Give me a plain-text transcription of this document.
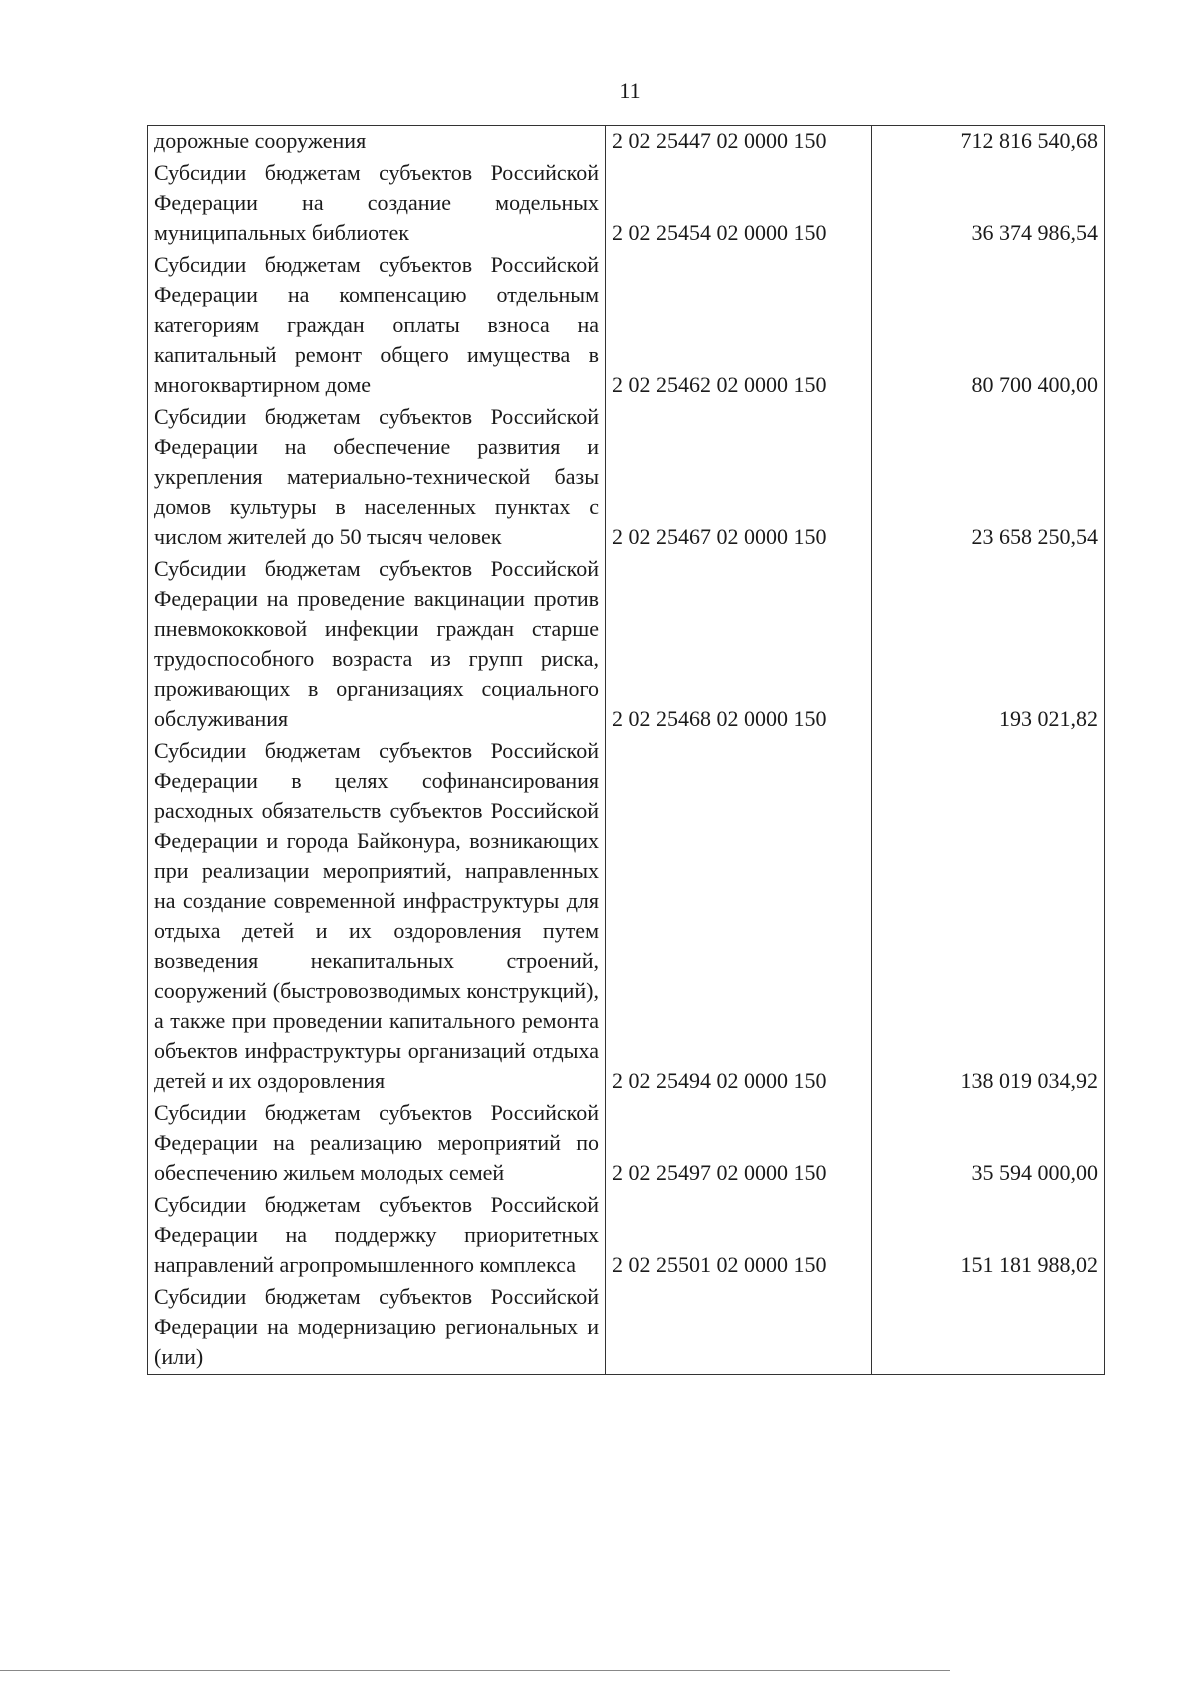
11
дорожные сооружения	2 02 25447 02 0000 150	712 816 540,68
Субсидии бюджетам субъектов Российской Федерации на создание модельных муниципальных библиотек	2 02 25454 02 0000 150	36 374 986,54
Субсидии бюджетам субъектов Российской Федерации на компенсацию отдельным категориям граждан оплаты взноса на капитальный ремонт общего имущества в многоквартирном доме	2 02 25462 02 0000 150	80 700 400,00
Субсидии бюджетам субъектов Российской Федерации на обеспечение развития и укрепления материально-технической базы домов культуры в населенных пунктах с числом жителей до 50 тысяч человек	2 02 25467 02 0000 150	23 658 250,54
Субсидии бюджетам субъектов Российской Федерации на проведение вакцинации против пневмококковой инфекции граждан старше трудоспособного возраста из групп риска, проживающих в организациях социального обслуживания	2 02 25468 02 0000 150	193 021,82
Субсидии бюджетам субъектов Российской Федерации в целях софинансирования расходных обязательств субъектов Российской Федерации и города Байконура, возникающих при реализации мероприятий, направленных на создание современной инфраструктуры для отдыха детей и их оздоровления путем возведения некапитальных строений, сооружений (быстровозводимых конструкций), а также при проведении капитального ремонта объектов инфраструктуры организаций отдыха детей и их оздоровления	2 02 25494 02 0000 150	138 019 034,92
Субсидии бюджетам субъектов Российской Федерации на реализацию мероприятий по обеспечению жильем молодых семей	2 02 25497 02 0000 150	35 594 000,00
Субсидии бюджетам субъектов Российской Федерации на поддержку приоритетных направлений агропромышленного комплекса	2 02 25501 02 0000 150	151 181 988,02
Субсидии бюджетам субъектов Российской Федерации на модернизацию региональных и (или)		
